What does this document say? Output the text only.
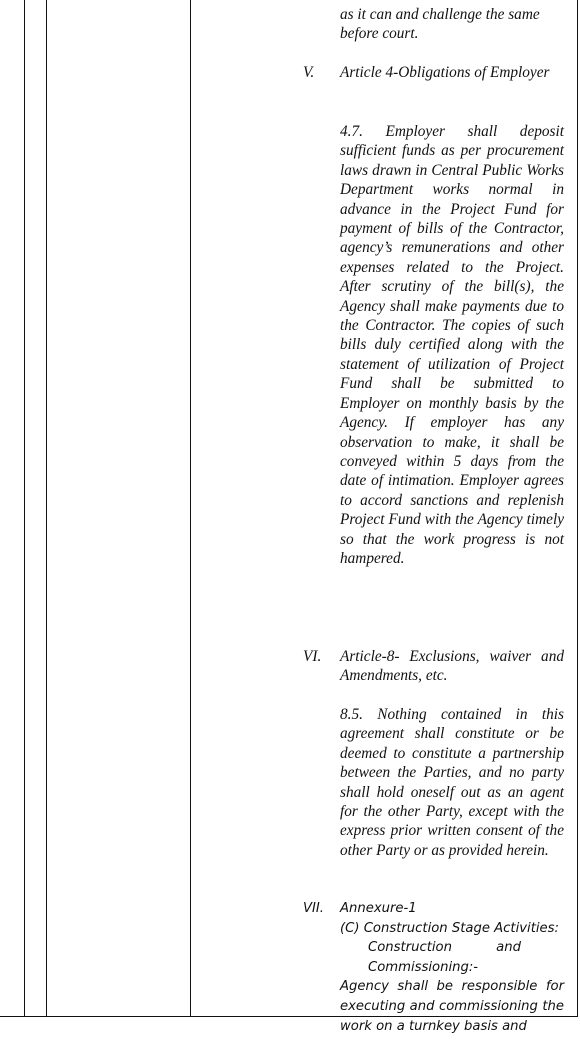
as it can and challenge the same
before court.

V. Article 4-Obligations of Employer

4.7. Employer shall deposit sufficient funds as per procurement laws drawn in Central Public Works Department works normal in advance in the Project Fund for payment of bills of the Contractor, agency’s remunerations and other expenses related to the Project. After scrutiny of the bill(s), the Agency shall make payments due to the Contractor. The copies of such bills duly certified along with the statement of utilization of Project Fund shall be submitted to Employer on monthly basis by the Agency. If employer has any observation to make, it shall be conveyed within 5 days from the date of intimation. Employer agrees to accord sanctions and replenish Project Fund with the Agency timely so that the work progress is not hampered.

VI. Article-8- Exclusions, waiver and Amendments, etc.

8.5. Nothing contained in this agreement shall constitute or be deemed to constitute a partnership between the Parties, and no party shall hold oneself out as an agent for the other Party, except with the express prior written consent of the other Party or as provided herein.

VII. Annexure-1
(C) Construction Stage Activities:
Construction and
Commissioning:-
Agency shall be responsible for executing and commissioning the work on a turnkey basis and
